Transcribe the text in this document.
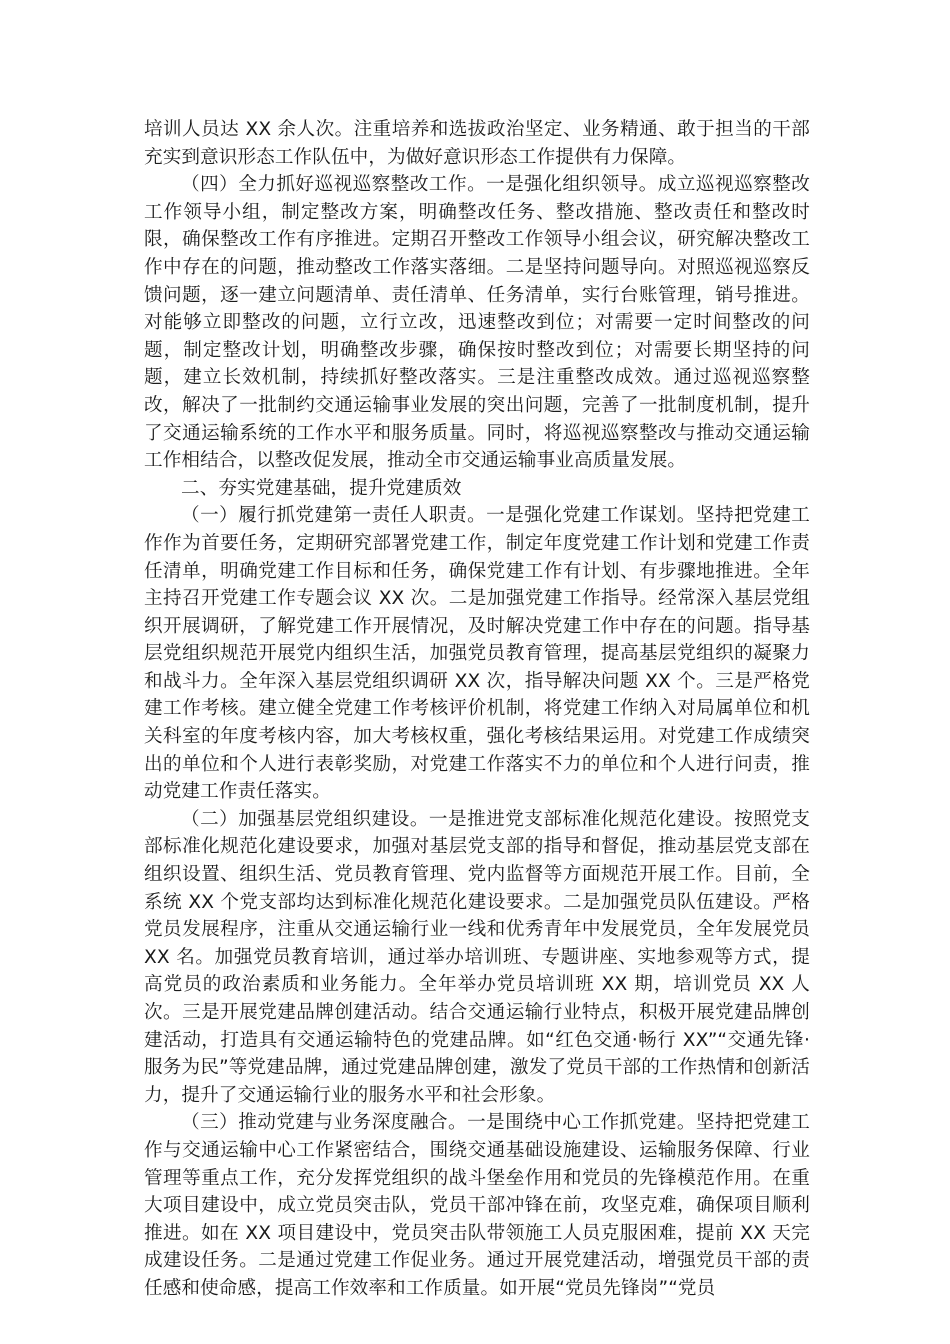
培训人员达 XX 余人次。注重培养和选拔政治坚定、业务精通、敢于担当的干部充实到意识形态工作队伍中，为做好意识形态工作提供有力保障。

（四）全力抓好巡视巡察整改工作。一是强化组织领导。成立巡视巡察整改工作领导小组，制定整改方案，明确整改任务、整改措施、整改责任和整改时限，确保整改工作有序推进。定期召开整改工作领导小组会议，研究解决整改工作中存在的问题，推动整改工作落实落细。二是坚持问题导向。对照巡视巡察反馈问题，逐一建立问题清单、责任清单、任务清单，实行台账管理，销号推进。对能够立即整改的问题，立行立改，迅速整改到位；对需要一定时间整改的问题，制定整改计划，明确整改步骤，确保按时整改到位；对需要长期坚持的问题，建立长效机制，持续抓好整改落实。三是注重整改成效。通过巡视巡察整改，解决了一批制约交通运输事业发展的突出问题，完善了一批制度机制，提升了交通运输系统的工作水平和服务质量。同时，将巡视巡察整改与推动交通运输工作相结合，以整改促发展，推动全市交通运输事业高质量发展。

二、夯实党建基础，提升党建质效

（一）履行抓党建第一责任人职责。一是强化党建工作谋划。坚持把党建工作作为首要任务，定期研究部署党建工作，制定年度党建工作计划和党建工作责任清单，明确党建工作目标和任务，确保党建工作有计划、有步骤地推进。全年主持召开党建工作专题会议 XX 次。二是加强党建工作指导。经常深入基层党组织开展调研，了解党建工作开展情况，及时解决党建工作中存在的问题。指导基层党组织规范开展党内组织生活，加强党员教育管理，提高基层党组织的凝聚力和战斗力。全年深入基层党组织调研 XX 次，指导解决问题 XX 个。三是严格党建工作考核。建立健全党建工作考核评价机制，将党建工作纳入对局属单位和机关科室的年度考核内容，加大考核权重，强化考核结果运用。对党建工作成绩突出的单位和个人进行表彰奖励，对党建工作落实不力的单位和个人进行问责，推动党建工作责任落实。

（二）加强基层党组织建设。一是推进党支部标准化规范化建设。按照党支部标准化规范化建设要求，加强对基层党支部的指导和督促，推动基层党支部在组织设置、组织生活、党员教育管理、党内监督等方面规范开展工作。目前，全系统 XX 个党支部均达到标准化规范化建设要求。二是加强党员队伍建设。严格党员发展程序，注重从交通运输行业一线和优秀青年中发展党员，全年发展党员 XX 名。加强党员教育培训，通过举办培训班、专题讲座、实地参观等方式，提高党员的政治素质和业务能力。全年举办党员培训班 XX 期，培训党员 XX 人次。三是开展党建品牌创建活动。结合交通运输行业特点，积极开展党建品牌创建活动，打造具有交通运输特色的党建品牌。如“红色交通·畅行 XX”“交通先锋·服务为民”等党建品牌，通过党建品牌创建，激发了党员干部的工作热情和创新活力，提升了交通运输行业的服务水平和社会形象。

（三）推动党建与业务深度融合。一是围绕中心工作抓党建。坚持把党建工作与交通运输中心工作紧密结合，围绕交通基础设施建设、运输服务保障、行业管理等重点工作，充分发挥党组织的战斗堡垒作用和党员的先锋模范作用。在重大项目建设中，成立党员突击队，党员干部冲锋在前，攻坚克难，确保项目顺利推进。如在 XX 项目建设中，党员突击队带领施工人员克服困难，提前 XX 天完成建设任务。二是通过党建工作促业务。通过开展党建活动，增强党员干部的责任感和使命感，提高工作效率和工作质量。如开展“党员先锋岗”“党员
